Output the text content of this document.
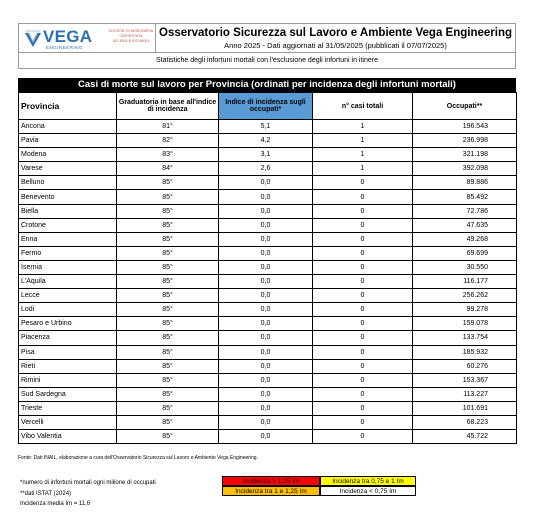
VEGA
ENGINEERING
SOCIETA' DI INGEGNERIA
CERTIFICATA
ISO 9001 E ISO 45001
Osservatorio Sicurezza sul Lavoro e Ambiente Vega Engineering
Anno 2025 - Dati aggiornati al 31/05/2025 (pubblicati il 07/07/2025)
Statistiche degli infortuni mortali con l'esclusione degli infortuni in itinere
Casi di morte sul lavoro per Provincia (ordinati per incidenza degli infortuni mortali)
Provincia	Graduatoria in base all'indice di incidenza	Indice di incidenza sugli occupati*	n° casi totali	Occupati**
Ancona	81°	5,1	1	196.543
Pavia	82°	4,2	1	236.998
Modena	83°	3,1	1	321.198
Varese	84°	2,6	1	392.098
Belluno	85°	0,0	0	89.886
Benevento	85°	0,0	0	85.492
Biella	85°	0,0	0	72.786
Crotone	85°	0,0	0	47.635
Enna	85°	0,0	0	49.268
Fermo	85°	0,0	0	69.699
Isernia	85°	0,0	0	30.550
L'Aquila	85°	0,0	0	116.177
Lecce	85°	0,0	0	256.262
Lodi	85°	0,0	0	99.278
Pesaro e Urbino	85°	0,0	0	159.078
Piacenza	85°	0,0	0	133.754
Pisa	85°	0,0	0	185.932
Rieti	85°	0,0	0	60.276
Rimini	85°	0,0	0	153.367
Sud Sardegna	85°	0,0	0	113.227
Trieste	85°	0,0	0	101.691
Vercelli	85°	0,0	0	68.223
Vibo Valentia	85°	0,0	0	45.722
Fonte: Dati INAIL, elaborazione a cura dell'Osservatorio Sicurezza sul Lavoro e Ambiente Vega Engineering.
*numero di infortuni mortali ogni milione di occupati
**dati ISTAT (2024)
Incidenza media Im = 11,6
Incidenza > 1,25 Im	Incidenza tra 0,75 e 1 Im
Incidenza tra 1 e 1,25 Im	Incidenza < 0,75 Im
